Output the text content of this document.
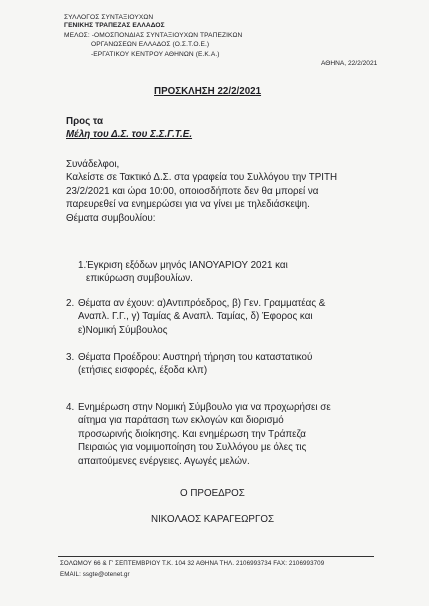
ΣΥΛΛΟΓΟΣ ΣΥΝΤΑΞΙΟΥΧΩΝ
ΓΕΝΙΚΗΣ ΤΡΑΠΕΖΑΣ ΕΛΛΑΔΟΣ
ΜΕΛΟΣ: -ΟΜΟΣΠΟΝΔΙΑΣ ΣΥΝΤΑΞΙΟΥΧΩΝ ΤΡΑΠΕΖΙΚΩΝ
ΟΡΓΑΝΩΣΕΩΝ ΕΛΛΑΔΟΣ (Ο.Σ.Τ.Ο.Ε.)
-ΕΡΓΑΤΙΚΟΥ ΚΕΝΤΡΟΥ ΑΘΗΝΩΝ (Ε.Κ.Α.)
ΑΘΗΝΑ, 22/2/2021
ΠΡΟΣΚΛΗΣΗ 22/2/2021
Προς τα
Μέλη του Δ.Σ. του Σ.Σ.Γ.Τ.Ε.

Συνάδελφοι,

Καλείστε σε Τακτικό Δ.Σ. στα γραφεία του Συλλόγου την ΤΡΙΤΗ

23/2/2021 και ώρα 10:00, οποιοσδήποτε δεν θα μπορεί να

παρευρεθεί να ενημερώσει για να γίνει με τηλεδιάσκεψη.

Θέματα συμβουλίου:

1. Έγκριση εξόδων μηνός ΙΑΝΟΥΑΡΙΟΥ 2021 και
επικύρωση συμβουλίων.
2. Θέματα αν έχουν: α)Αντιπρόεδρος, β) Γεν. Γραμματέας &
Αναπλ. Γ.Γ., γ) Ταμίας & Αναπλ. Ταμίας, δ) Έφορος και
ε)Νομική Σύμβουλος
3. Θέματα Προέδρου: Αυστηρή τήρηση του καταστατικού
(ετήσιες εισφορές, έξοδα κλπ)
4. Ενημέρωση στην Νομική Σύμβουλο για να προχωρήσει σε
αίτημα για παράταση των εκλογών και διορισμό
προσωρινής διοίκησης. Και ενημέρωση την Τράπεζα
Πειραιώς για νομιμοποίηση του Συλλόγου με όλες τις
απαιτούμενες ενέργειες. Αγωγές μελών.
Ο ΠΡΟΕΔΡΟΣ
ΝΙΚΟΛΑΟΣ ΚΑΡΑΓΕΩΡΓΟΣ
ΣΟΛΩΜΟΥ 66 & Γ' ΣΕΠΤΕΜΒΡΙΟΥ Τ.Κ. 104 32 ΑΘΗΝΑ ΤΗΛ. 2106993734 FAX: 2106993709
EMAIL: ssgte@otenet.gr
